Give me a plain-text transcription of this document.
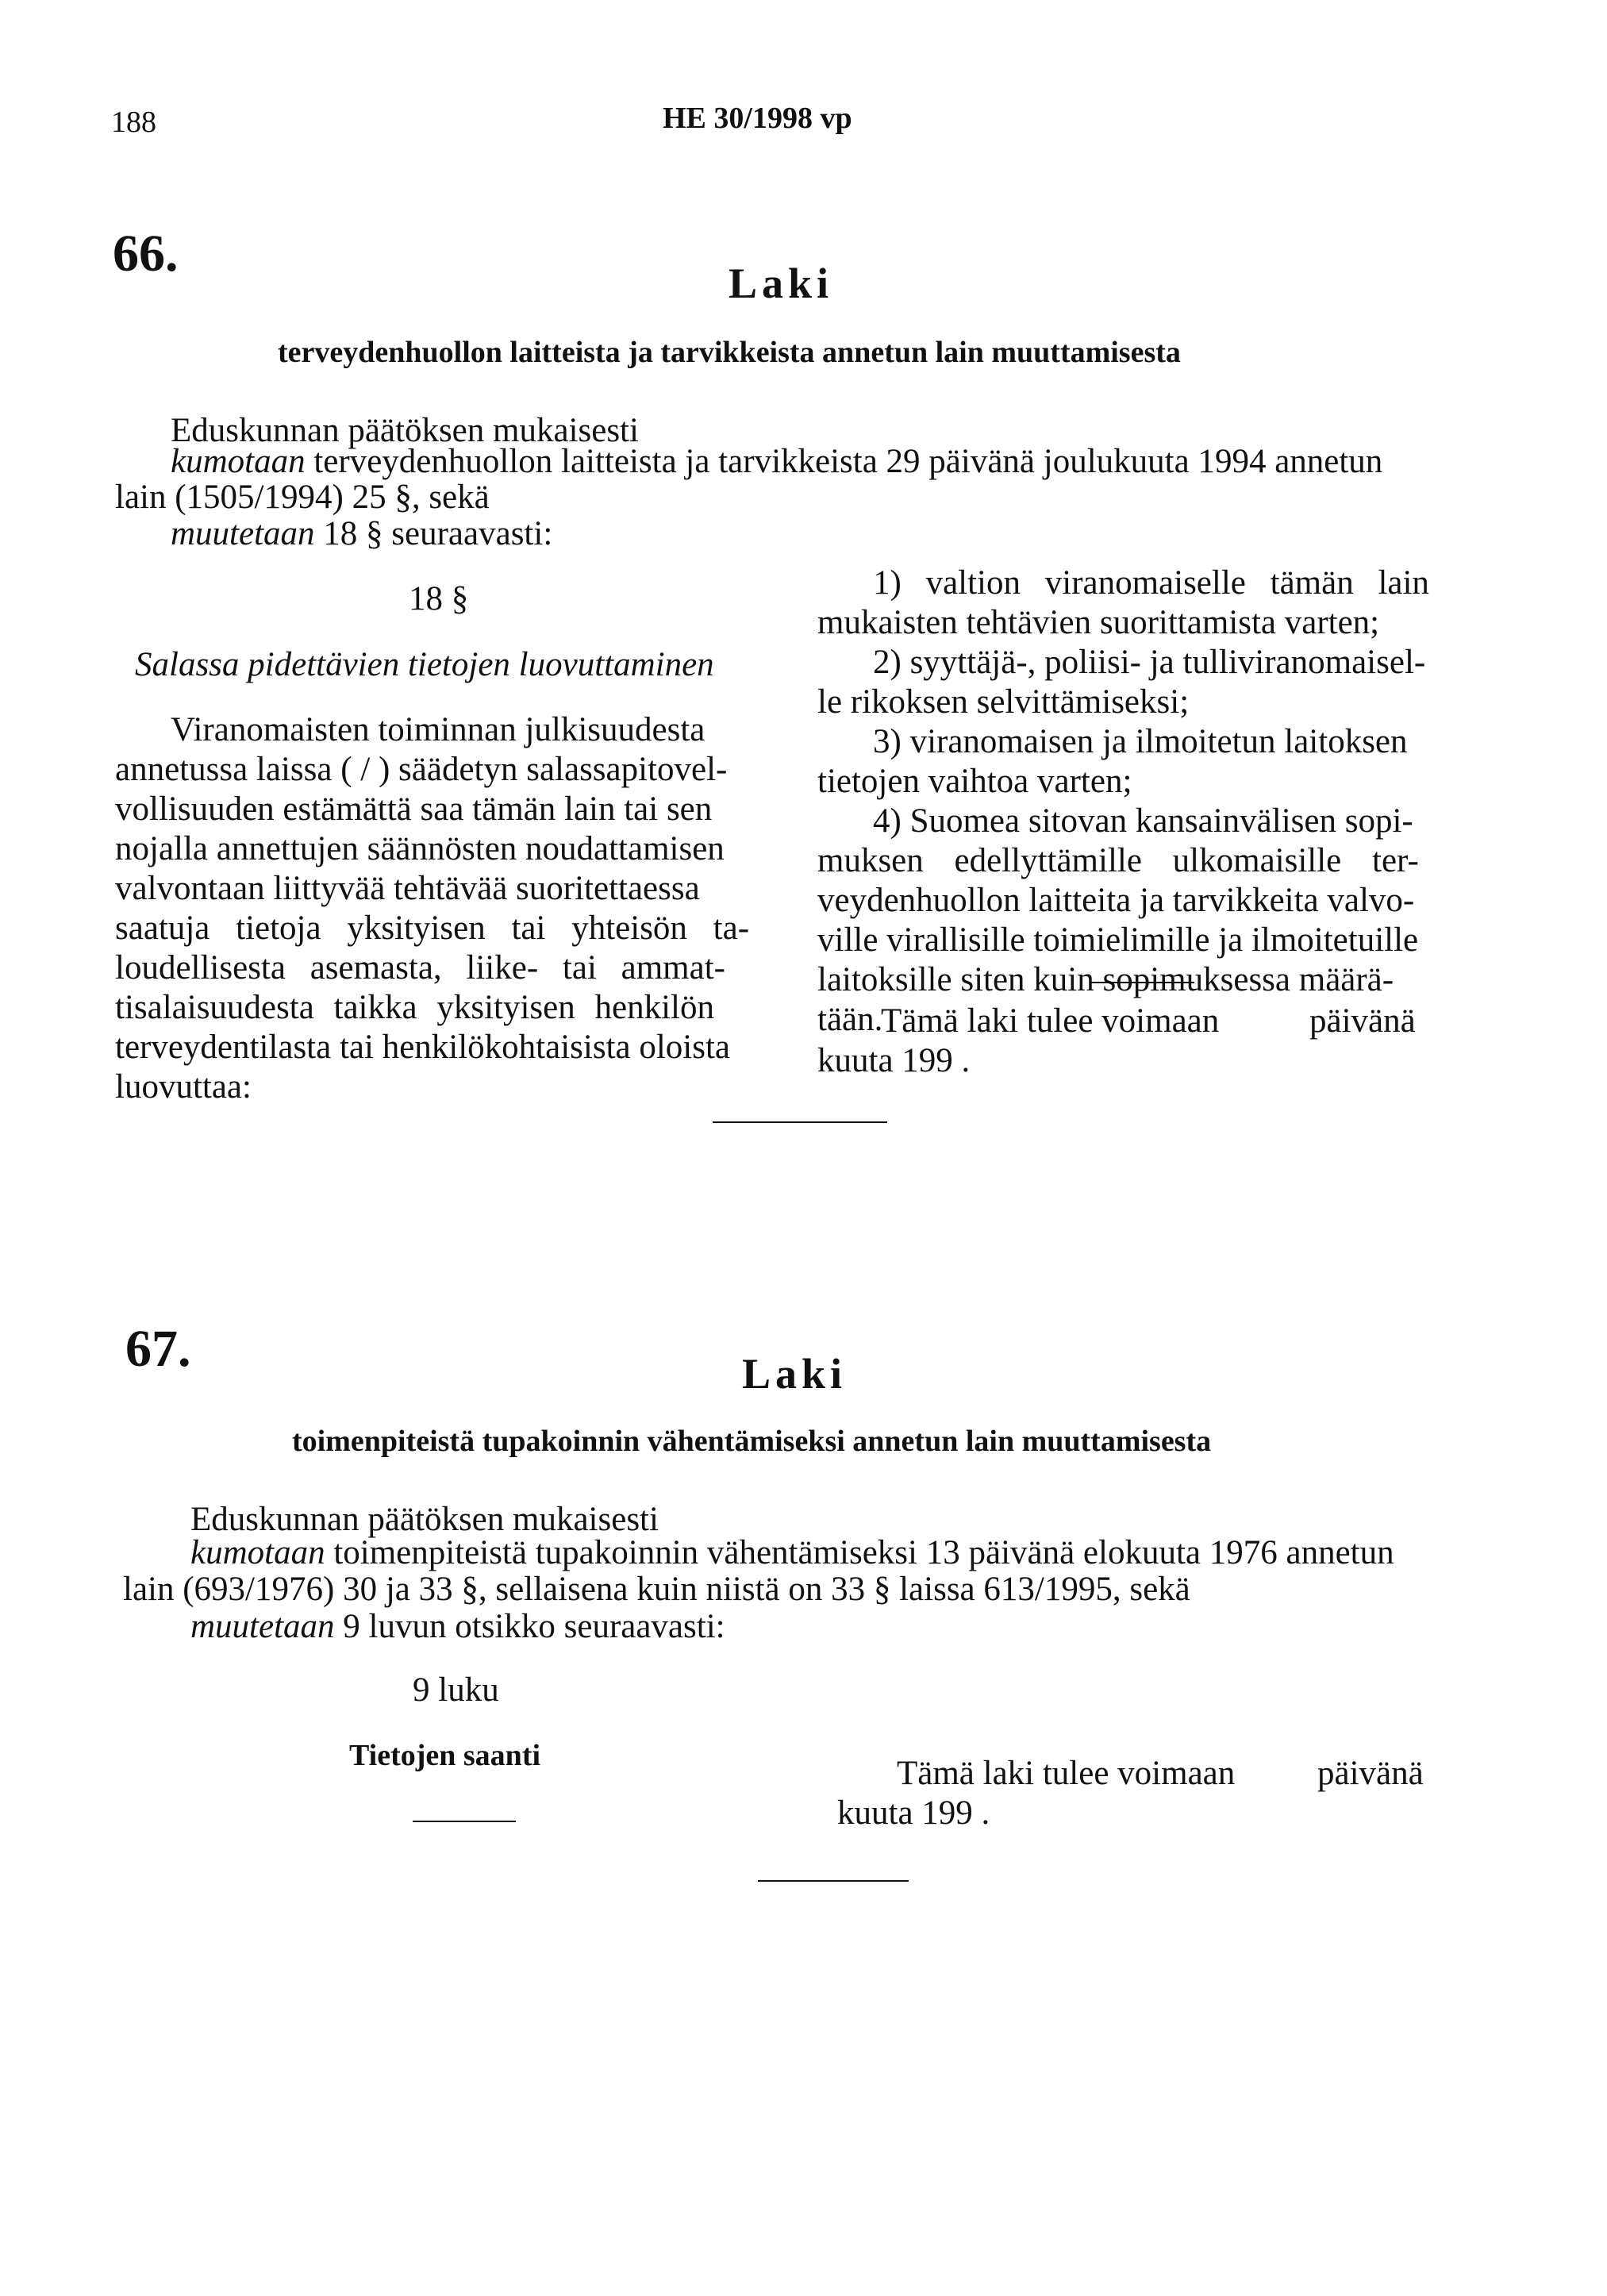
188	HE 30/1998 vp
66.
Laki
terveydenhuollon laitteista ja tarvikkeista annetun lain muuttamisesta
Eduskunnan päätöksen mukaisesti
kumotaan terveydenhuollon laitteista ja tarvikkeista 29 päivänä joulukuuta 1994 annetun
lain (1505/1994) 25 §, sekä
muutetaan 18 § seuraavasti:
18 §
Salassa pidettävien tietojen luovuttaminen
Viranomaisten toiminnan julkisuudesta
annetussa laissa ( / ) säädetyn salassapitovel-
vollisuuden estämättä saa tämän lain tai sen
nojalla annettujen säännösten noudattamisen
valvontaan liittyvää tehtävää suoritettaessa
saatuja tietoja yksityisen tai yhteisön ta-
loudellisesta asemasta, liike- tai ammat-
tisalaisuudesta taikka yksityisen henkilön
terveydentilasta tai henkilökohtaisista oloista
luovuttaa:
1) valtion viranomaiselle tämän lain
mukaisten tehtävien suorittamista varten;
2) syyttäjä-, poliisi- ja tulliviranomaisel-
le rikoksen selvittämiseksi;
3) viranomaisen ja ilmoitetun laitoksen
tietojen vaihtoa varten;
4) Suomea sitovan kansainvälisen sopi-
muksen edellyttämille ulkomaisille ter-
veydenhuollon laitteita ja tarvikkeita valvo-
ville virallisille toimielimille ja ilmoitetuille
laitoksille siten kuin sopimuksessa määrä-
tään.
Tämä laki tulee voimaan	päivänä
kuuta 199 .
67.	Laki
toimenpiteistä tupakoinnin vähentämiseksi annetun lain muuttamisesta
Eduskunnan päätöksen mukaisesti
kumotaan toimenpiteistä tupakoinnin vähentämiseksi 13 päivänä elokuuta 1976 annetun
lain (693/1976) 30 ja 33 §, sellaisena kuin niistä on 33 § laissa 613/1995, sekä
muutetaan 9 luvun otsikko seuraavasti:
9 luku
Tietojen saanti	Tämä laki tulee voimaan päivänä
kuuta 199 .
